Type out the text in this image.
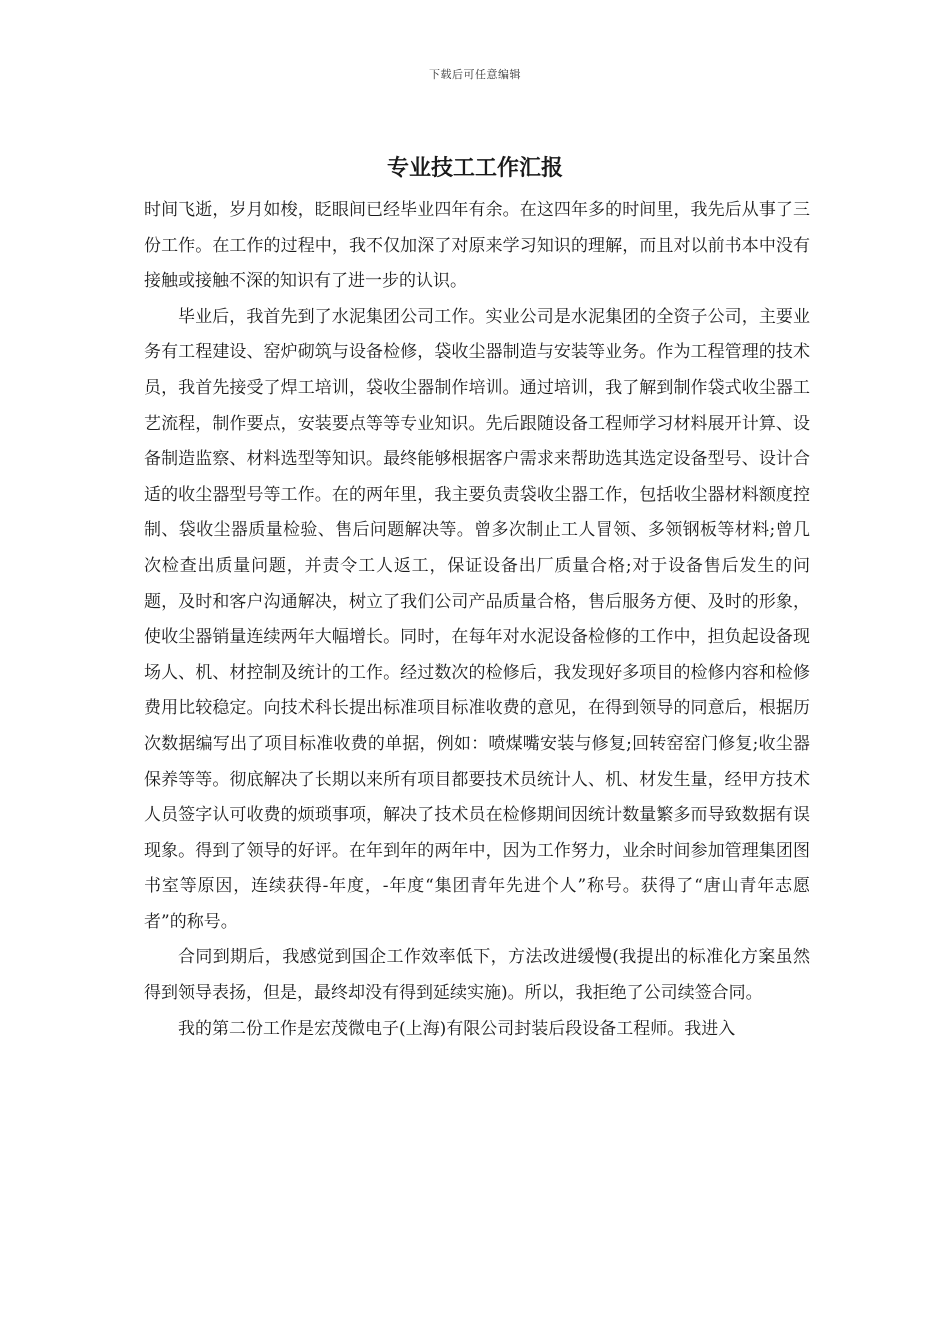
下载后可任意编辑
专业技工工作汇报

时间飞逝，岁月如梭，眨眼间已经毕业四年有余。在这四年多的时间里，我先后从事了三份工作。在工作的过程中，我不仅加深了对原来学习知识的理解，而且对以前书本中没有接触或接触不深的知识有了进一步的认识。

毕业后，我首先到了水泥集团公司工作。实业公司是水泥集团的全资子公司，主要业务有工程建设、窑炉砌筑与设备检修，袋收尘器制造与安装等业务。作为工程管理的技术员，我首先接受了焊工培训，袋收尘器制作培训。通过培训，我了解到制作袋式收尘器工艺流程，制作要点，安装要点等等专业知识。先后跟随设备工程师学习材料展开计算、设备制造监察、材料选型等知识。最终能够根据客户需求来帮助选其选定设备型号、设计合适的收尘器型号等工作。在的两年里，我主要负责袋收尘器工作，包括收尘器材料额度控制、袋收尘器质量检验、售后问题解决等。曾多次制止工人冒领、多领钢板等材料;曾几次检查出质量问题，并责令工人返工，保证设备出厂质量合格;对于设备售后发生的问题，及时和客户沟通解决，树立了我们公司产品质量合格，售后服务方便、及时的形象，使收尘器销量连续两年大幅增长。同时，在每年对水泥设备检修的工作中，担负起设备现场人、机、材控制及统计的工作。经过数次的检修后，我发现好多项目的检修内容和检修费用比较稳定。向技术科长提出标准项目标准收费的意见，在得到领导的同意后，根据历次数据编写出了项目标准收费的单据，例如：喷煤嘴安装与修复;回转窑窑门修复;收尘器保养等等。彻底解决了长期以来所有项目都要技术员统计人、机、材发生量，经甲方技术人员签字认可收费的烦琐事项，解决了技术员在检修期间因统计数量繁多而导致数据有误现象。得到了领导的好评。在年到年的两年中，因为工作努力，业余时间参加管理集团图书室等原因，连续获得-年度，-年度“集团青年先进个人”称号。获得了“唐山青年志愿者”的称号。

合同到期后，我感觉到国企工作效率低下，方法改进缓慢(我提出的标准化方案虽然得到领导表扬，但是，最终却没有得到延续实施)。所以，我拒绝了公司续签合同。

我的第二份工作是宏茂微电子(上海)有限公司封装后段设备工程师。我进入
